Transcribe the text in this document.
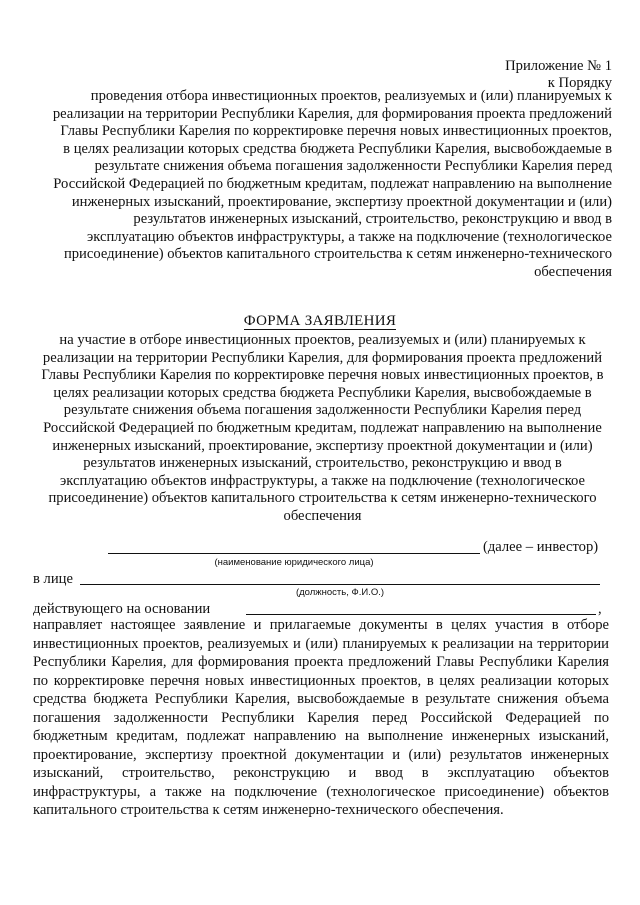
Приложение № 1
к Порядку
проведения отбора инвестиционных проектов, реализуемых и (или) планируемых к реализации на территории Республики Карелия, для формирования проекта предложений Главы Республики Карелия по корректировке перечня новых инвестиционных проектов, в целях реализации которых средства бюджета Республики Карелия, высвобождаемые в результате снижения объема погашения задолженности Республики Карелия перед Российской Федерацией по бюджетным кредитам, подлежат направлению на выполнение инженерных изысканий, проектирование, экспертизу проектной документации и (или) результатов инженерных изысканий, строительство, реконструкцию и ввод в эксплуатацию объектов инфраструктуры, а также на подключение (технологическое присоединение) объектов капитального строительства к сетям инженерно-технического обеспечения
ФОРМА ЗАЯВЛЕНИЯ
на участие в отборе инвестиционных проектов, реализуемых и (или) планируемых к реализации на территории Республики Карелия, для формирования проекта предложений Главы Республики Карелия по корректировке перечня новых инвестиционных проектов, в целях реализации которых средства бюджета Республики Карелия, высвобождаемые в результате снижения объема погашения задолженности Республики Карелия перед Российской Федерацией по бюджетным кредитам, подлежат направлению на выполнение инженерных изысканий, проектирование, экспертизу проектной документации и (или) результатов инженерных изысканий, строительство, реконструкцию и ввод в эксплуатацию объектов инфраструктуры, а также на подключение (технологическое присоединение) объектов капитального строительства к сетям инженерно-технического обеспечения
(далее – инвестор)
(наименование юридического лица)
в лице
(должность, Ф.И.О.)
действующего на основании	,
направляет настоящее заявление и прилагаемые документы в целях участия в отборе инвестиционных проектов, реализуемых и (или) планируемых к реализации на территории Республики Карелия, для формирования проекта предложений Главы Республики Карелия по корректировке перечня новых инвестиционных проектов, в целях реализации которых средства бюджета Республики Карелия, высвобождаемые в результате снижения объема погашения задолженности Республики Карелия перед Российской Федерацией по бюджетным кредитам, подлежат направлению на выполнение инженерных изысканий, проектирование, экспертизу проектной документации и (или) результатов инженерных изысканий, строительство, реконструкцию и ввод в эксплуатацию объектов инфраструктуры, а также на подключение (технологическое присоединение) объектов капитального строительства к сетям инженерно-технического обеспечения.
